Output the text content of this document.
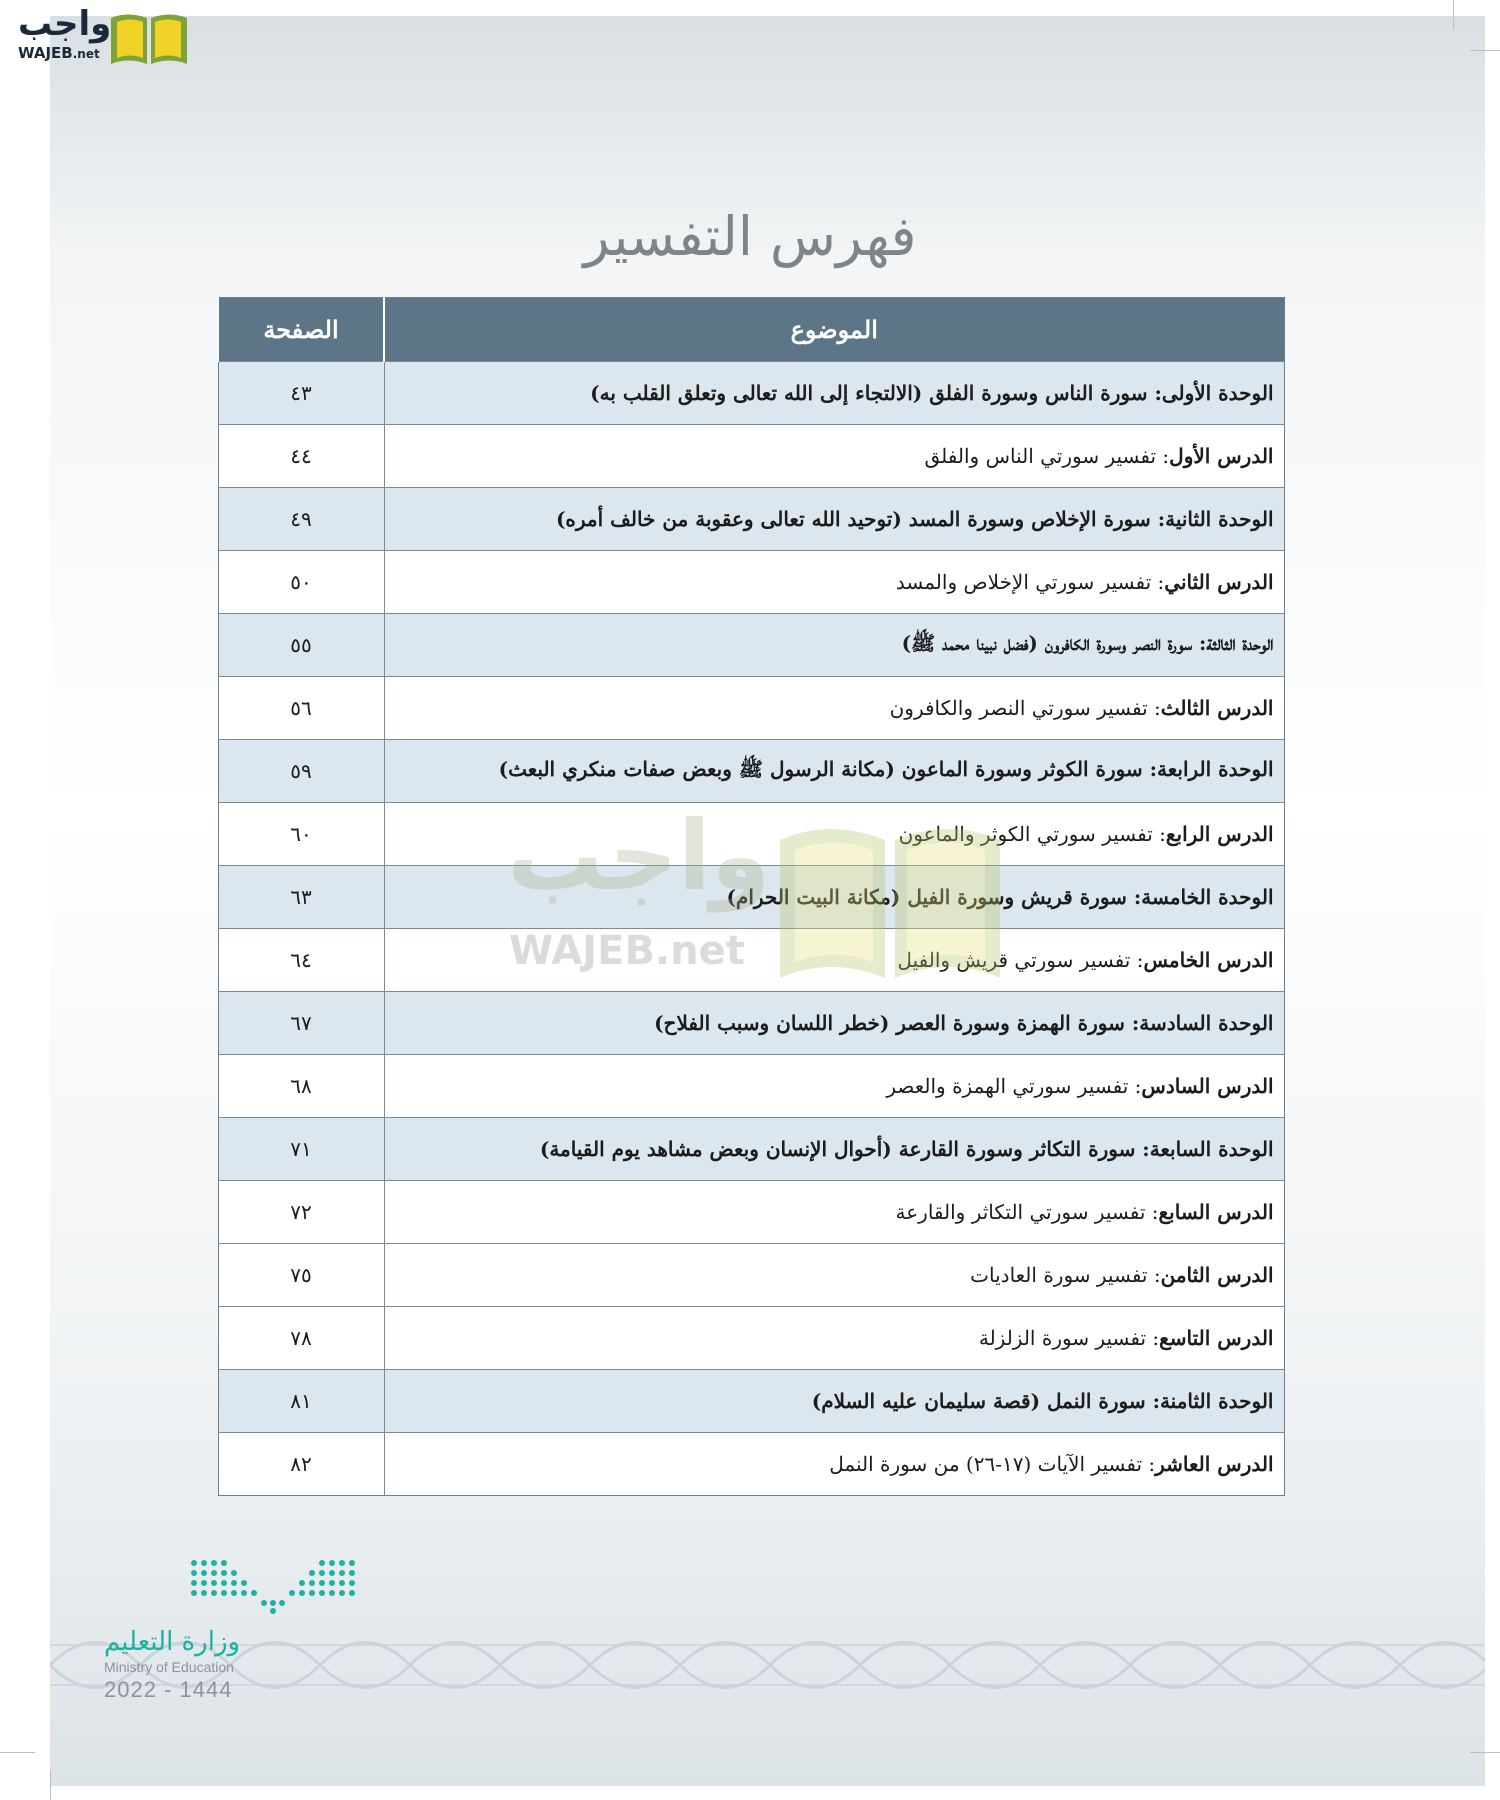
واجب
WAJEB.net
فهرس التفسير
الموضوع	الصفحة
الوحدة الأولى: سورة الناس وسورة الفلق (الالتجاء إلى الله تعالى وتعلق القلب به)	٤٣
الدرس الأول: تفسير سورتي الناس والفلق	٤٤
الوحدة الثانية: سورة الإخلاص وسورة المسد (توحيد الله تعالى وعقوبة من خالف أمره)	٤٩
الدرس الثاني: تفسير سورتي الإخلاص والمسد	٥٠
الوحدة الثالثة: سورة النصر وسورة الكافرون (فضل نبينا محمد ﷺ)	٥٥
الدرس الثالث: تفسير سورتي النصر والكافرون	٥٦
الوحدة الرابعة: سورة الكوثر وسورة الماعون (مكانة الرسول ﷺ وبعض صفات منكري البعث)	٥٩
الدرس الرابع: تفسير سورتي الكوثر والماعون	٦٠
الوحدة الخامسة: سورة قريش وسورة الفيل (مكانة البيت الحرام)	٦٣
الدرس الخامس: تفسير سورتي قريش والفيل	٦٤
الوحدة السادسة: سورة الهمزة وسورة العصر (خطر اللسان وسبب الفلاح)	٦٧
الدرس السادس: تفسير سورتي الهمزة والعصر	٦٨
الوحدة السابعة: سورة التكاثر وسورة القارعة (أحوال الإنسان وبعض مشاهد يوم القيامة)	٧١
الدرس السابع: تفسير سورتي التكاثر والقارعة	٧٢
الدرس الثامن: تفسير سورة العاديات	٧٥
الدرس التاسع: تفسير سورة الزلزلة	٧٨
الوحدة الثامنة: سورة النمل (قصة سليمان عليه السلام)	٨١
الدرس العاشر: تفسير الآيات (١٧-٢٦) من سورة النمل	٨٢
واجب
WAJEB.net
وزارة التعليم
Ministry of Education
2022 - 1444
